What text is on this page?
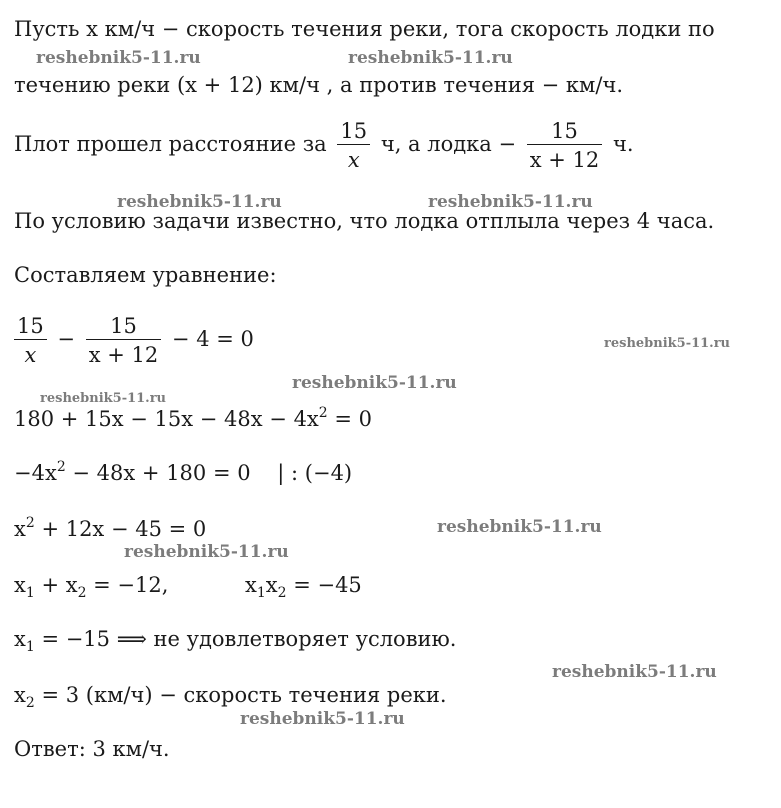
Пусть x км/ч − скорость течения реки, тога скорость лодки по
течению реки (x + 12) км/ч , а против течения − км/ч.
Плот прошел расстояние за $\frac{15}{x} ч$, а лодка − $\frac{15}{x + 12} ч$.
По условию задачи известно, что лодка отплыла через 4 часа.
Составляем уравнение:
$\frac{15}{x} - \frac{15}{x + 12} - 4 = 0$
$180 + 15x - 15x - 48x - 4x^2 = 0$
$-4x^2 - 48x + 180 = 0$    | : (−4)
$x^2 + 12x - 45 = 0$
$x_1 + x_2 = -12$,	$x_1x_2 = -45$
$x_1 = -15$ ⟹ не удовлетворяет условию.
$x_2 = 3$ (км/ч) − скорость течения реки.
Ответ: 3 км/ч.
reshebnik5-11.ru	reshebnik5-11.ru
reshebnik5-11.ru	reshebnik5-11.ru
reshebnik5-11.ru
reshebnik5-11.ru
reshebnik5-11.ru
reshebnik5-11.ru
reshebnik5-11.ru
reshebnik5-11.ru
reshebnik5-11.ru
